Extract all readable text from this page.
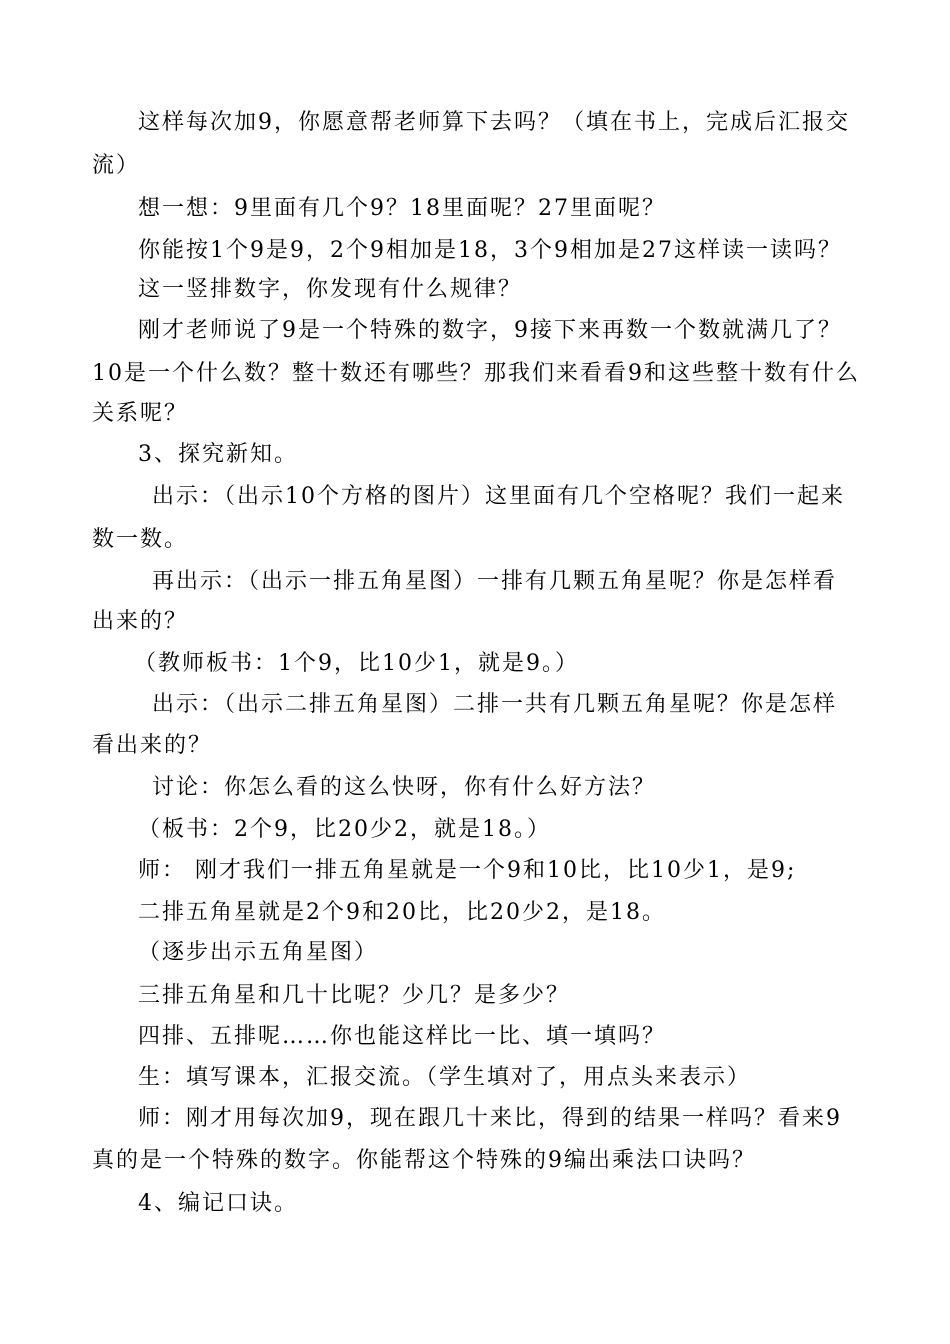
这样每次加9，你愿意帮老师算下去吗？（填在书上，完成后汇报交
流）
想一想：9里面有几个9？18里面呢？27里面呢？
你能按1个9是9，2个9相加是18，3个9相加是27这样读一读吗？
这一竖排数字，你发现有什么规律？
刚才老师说了9是一个特殊的数字，9接下来再数一个数就满几了？
10是一个什么数？整十数还有哪些？那我们来看看9和这些整十数有什么
关系呢？
3、探究新知。
出示：（出示10个方格的图片）这里面有几个空格呢？我们一起来
数一数。
再出示：（出示一排五角星图）一排有几颗五角星呢？你是怎样看
出来的？
（教师板书：1个9，比10少1，就是9。）
出示：（出示二排五角星图）二排一共有几颗五角星呢？你是怎样
看出来的？
讨论：你怎么看的这么快呀，你有什么好方法？
（板书：2个9，比20少2，就是18。）
师： 刚才我们一排五角星就是一个9和10比，比10少1，是9;
二排五角星就是2个9和20比，比20少2，是18。
（逐步出示五角星图）
三排五角星和几十比呢？少几？是多少？
四排、五排呢……你也能这样比一比、填一填吗？
生：填写课本，汇报交流。（学生填对了，用点头来表示）
师：刚才用每次加9，现在跟几十来比，得到的结果一样吗？看来9
真的是一个特殊的数字。你能帮这个特殊的9编出乘法口诀吗？
4、编记口诀。
